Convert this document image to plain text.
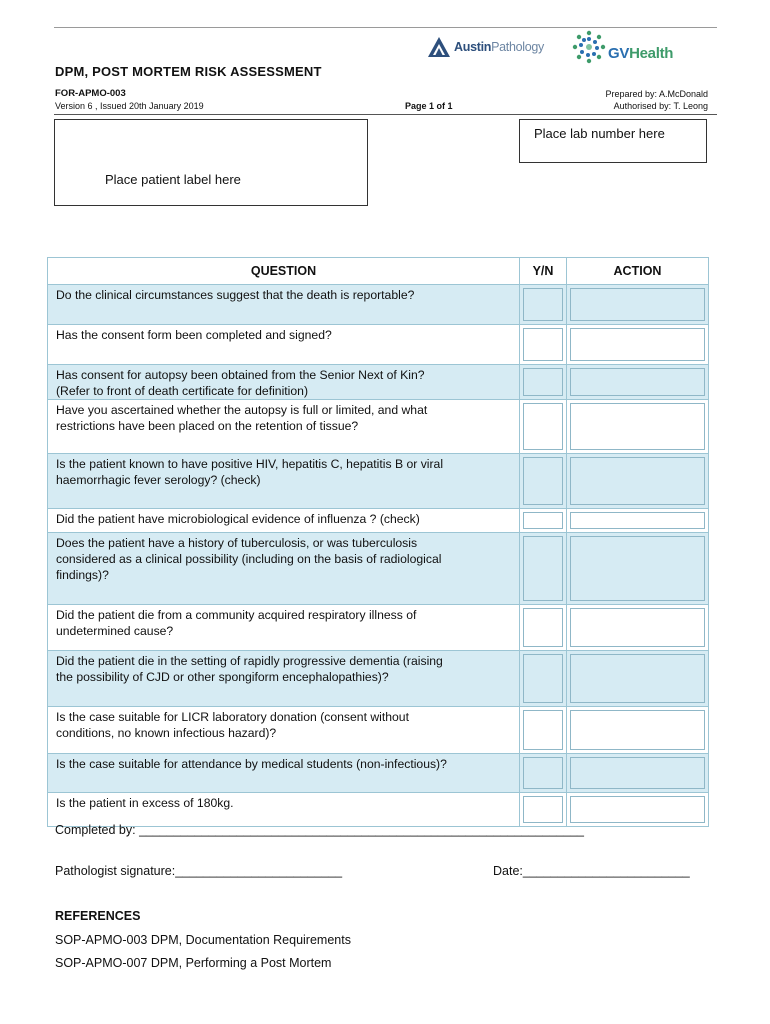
AustinPathology	GVHealth
DPM, POST MORTEM RISK ASSESSMENT
FOR-APMO-003
Version 6 , Issued 20th January 2019	Page 1 of 1
Prepared by: A.McDonald
Authorised by: T. Leong
Place patient label here
Place lab number here
QUESTION	Y/N	ACTION

Do the clinical circumstances suggest that the death is reportable?		

Has the consent form been completed and signed?		

Has consent for autopsy been obtained from the Senior Next of Kin?
(Refer to front of death certificate for definition)		

Have you ascertained whether the autopsy is full or limited, and what
restrictions have been placed on the retention of tissue?		

Is the patient known to have positive HIV, hepatitis C, hepatitis B or viral
haemorrhagic fever serology? (check)		

Did the patient have microbiological evidence of influenza ? (check)		

Does the patient have a history of tuberculosis, or was tuberculosis
considered as a clinical possibility (including on the basis of radiological
findings)?		

Did the patient die from a community acquired respiratory illness of
undetermined cause?		

Did the patient die in the setting of rapidly progressive dementia (raising
the possibility of CJD or other spongiform encephalopathies)?		

Is the case suitable for LICR laboratory donation (consent without
conditions, no known infectious hazard)?		

Is the case suitable for attendance by medical students (non-infectious)?		

Is the patient in excess of 180kg.		

Completed by: ________________________________________________________________
Pathologist signature:________________________	Date:________________________
REFERENCES
SOP-APMO-003 DPM, Documentation Requirements
SOP-APMO-007 DPM, Performing a Post Mortem
